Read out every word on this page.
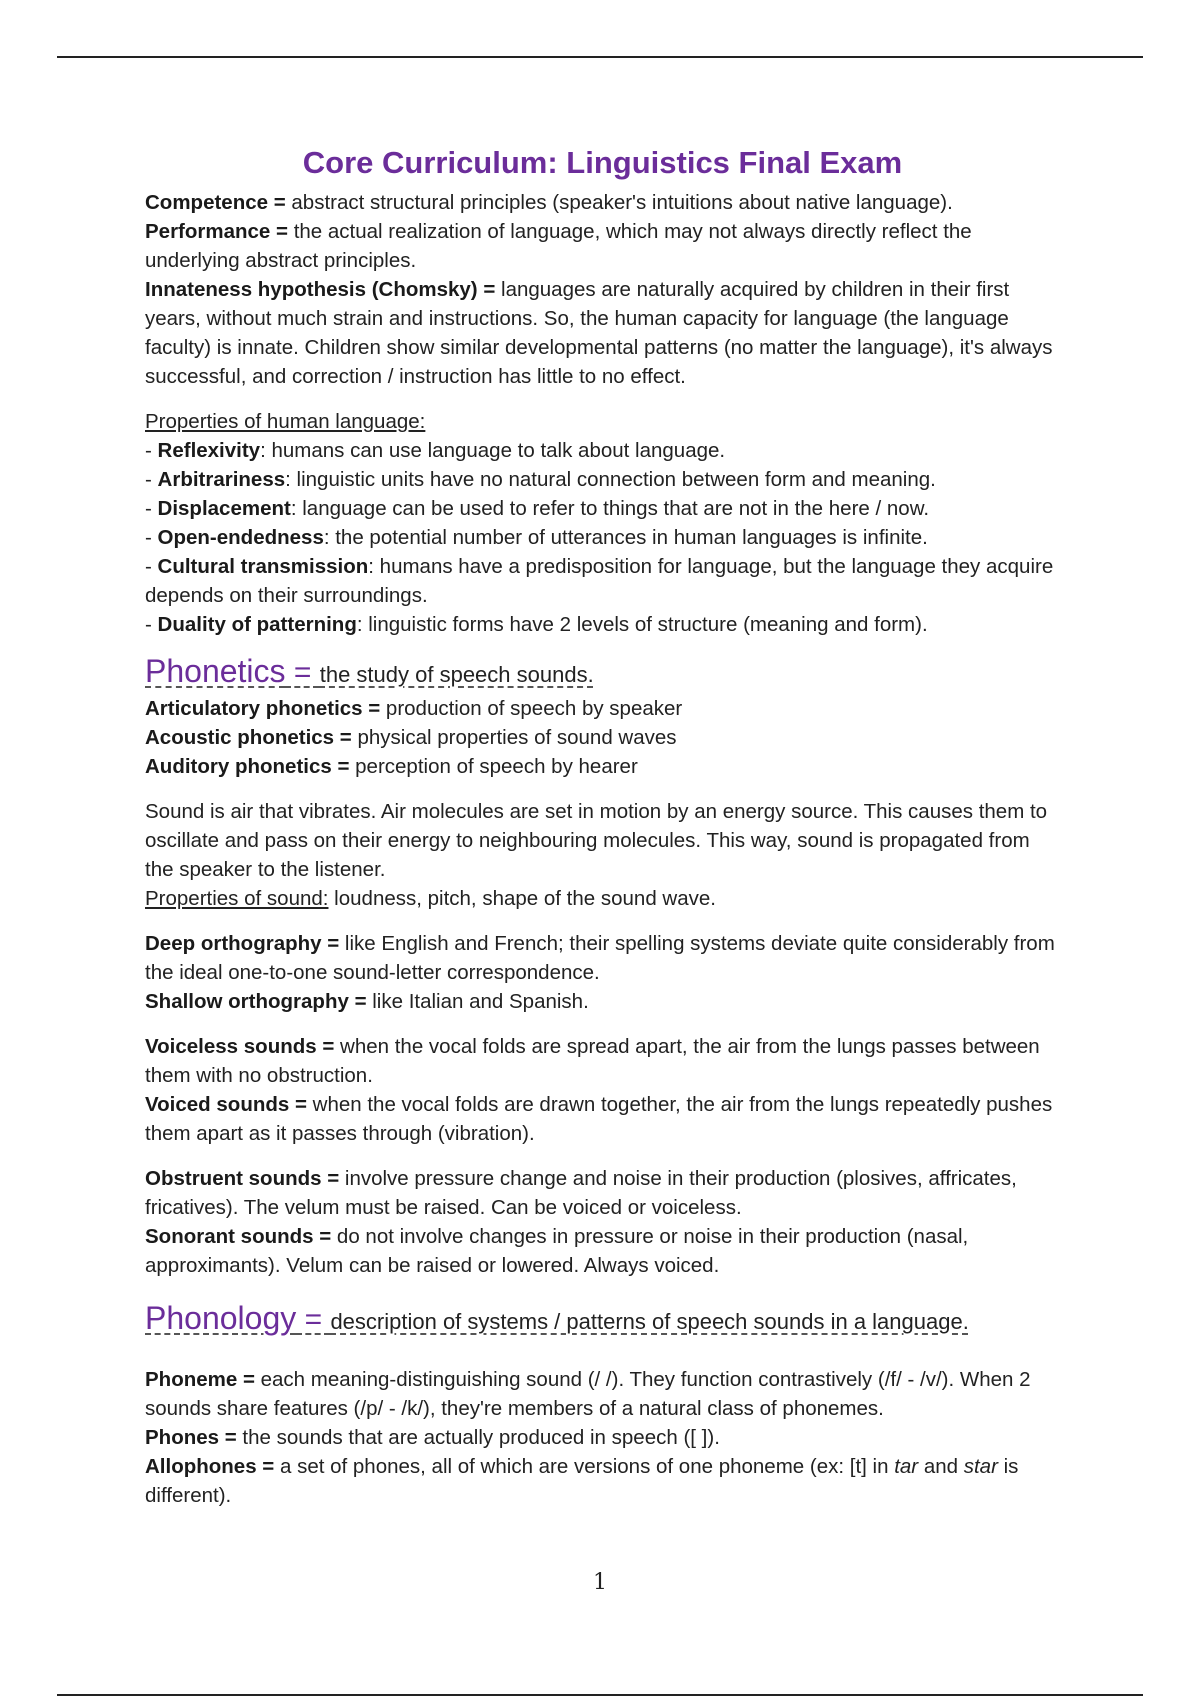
Core Curriculum: Linguistics Final Exam

Competence = abstract structural principles (speaker's intuitions about native language).

Performance = the actual realization of language, which may not always directly reflect the underlying abstract principles.

Innateness hypothesis (Chomsky) = languages are naturally acquired by children in their first years, without much strain and instructions. So, the human capacity for language (the language faculty) is innate. Children show similar developmental patterns (no matter the language), it's always successful, and correction / instruction has little to no effect.

Properties of human language:

- Reflexivity: humans can use language to talk about language.

- Arbitrariness: linguistic units have no natural connection between form and meaning.

- Displacement: language can be used to refer to things that are not in the here / now.

- Open-endedness: the potential number of utterances in human languages is infinite.

- Cultural transmission: humans have a predisposition for language, but the language they acquire depends on their surroundings.

- Duality of patterning: linguistic forms have 2 levels of structure (meaning and form).

Phonetics = the study of speech sounds.

Articulatory phonetics = production of speech by speaker

Acoustic phonetics = physical properties of sound waves

Auditory phonetics = perception of speech by hearer

Sound is air that vibrates. Air molecules are set in motion by an energy source. This causes them to oscillate and pass on their energy to neighbouring molecules. This way, sound is propagated from the speaker to the listener.

Properties of sound: loudness, pitch, shape of the sound wave.

Deep orthography = like English and French; their spelling systems deviate quite considerably from the ideal one-to-one sound-letter correspondence.

Shallow orthography = like Italian and Spanish.

Voiceless sounds = when the vocal folds are spread apart, the air from the lungs passes between them with no obstruction.

Voiced sounds = when the vocal folds are drawn together, the air from the lungs repeatedly pushes them apart as it passes through (vibration).

Obstruent sounds = involve pressure change and noise in their production (plosives, affricates, fricatives). The velum must be raised. Can be voiced or voiceless.

Sonorant sounds = do not involve changes in pressure or noise in their production (nasal, approximants). Velum can be raised or lowered. Always voiced.

Phonology = description of systems / patterns of speech sounds in a language.

Phoneme = each meaning-distinguishing sound (/ /). They function contrastively (/f/ - /v/). When 2 sounds share features (/p/ - /k/), they're members of a natural class of phonemes.

Phones = the sounds that are actually produced in speech ([ ]).

Allophones = a set of phones, all of which are versions of one phoneme (ex: [t] in tar and star is different).

1
